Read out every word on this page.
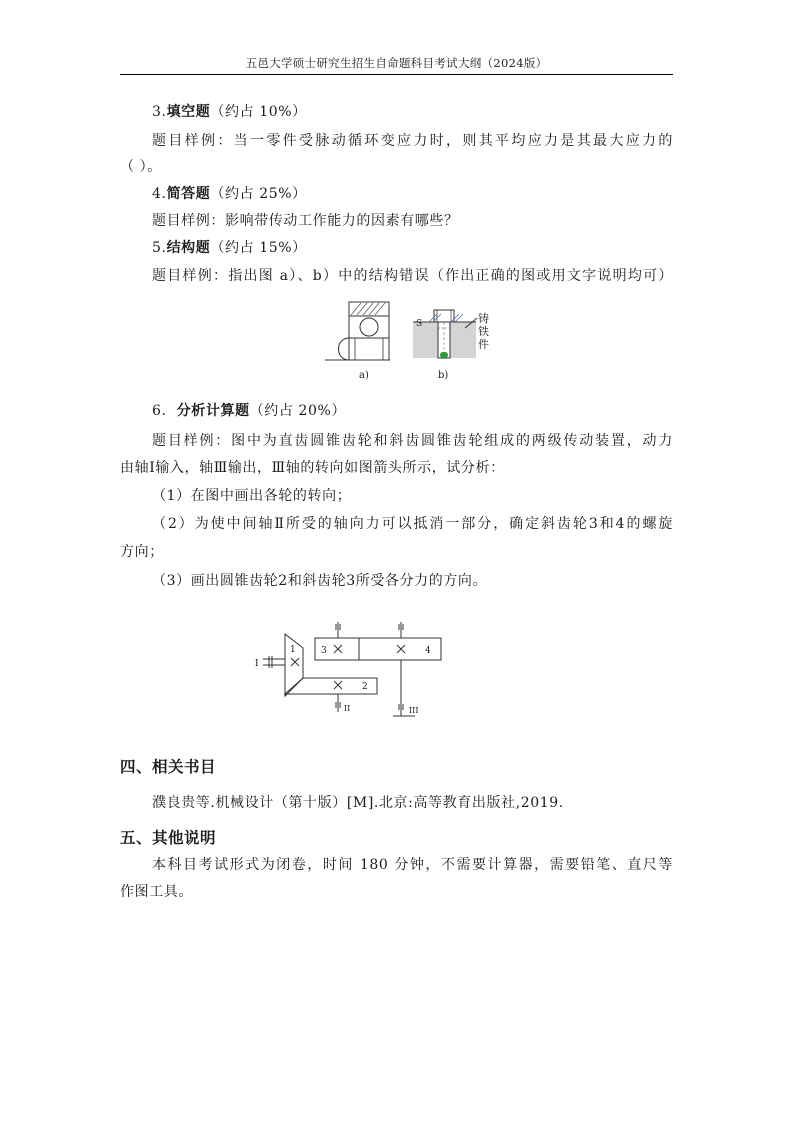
五邑大学硕士研究生招生自命题科目考试大纲（2024版）
3.填空题（约占 10%）
题目样例：当一零件受脉动循环变应力时，则其平均应力是其最大应力的
（ ）。
4.简答题（约占 25%）
题目样例：影响带传动工作能力的因素有哪些？
5.结构题（约占 15%）
题目样例：指出图 a）、b）中的结构错误（作出正确的图或用文字说明均可）
a)
S	铸
铁
件
b)
6. 分析计算题（约占 20%）
题目样例：图中为直齿圆锥齿轮和斜齿圆锥齿轮组成的两级传动装置，动力
由轴Ⅰ输入，轴Ⅲ输出，Ⅲ轴的转向如图箭头所示，试分析：
（1）在图中画出各轮的转向；
（2）为使中间轴Ⅱ所受的轴向力可以抵消一部分，确定斜齿轮3和4的螺旋
方向；
（3）画出圆锥齿轮2和斜齿轮3所受各分力的方向。
I
1
2
II
3	4
III
四、相关书目
濮良贵等.机械设计（第十版）[M].北京:高等教育出版社,2019.
五、其他说明
本科目考试形式为闭卷，时间 180 分钟，不需要计算器，需要铅笔、直尺等
作图工具。
